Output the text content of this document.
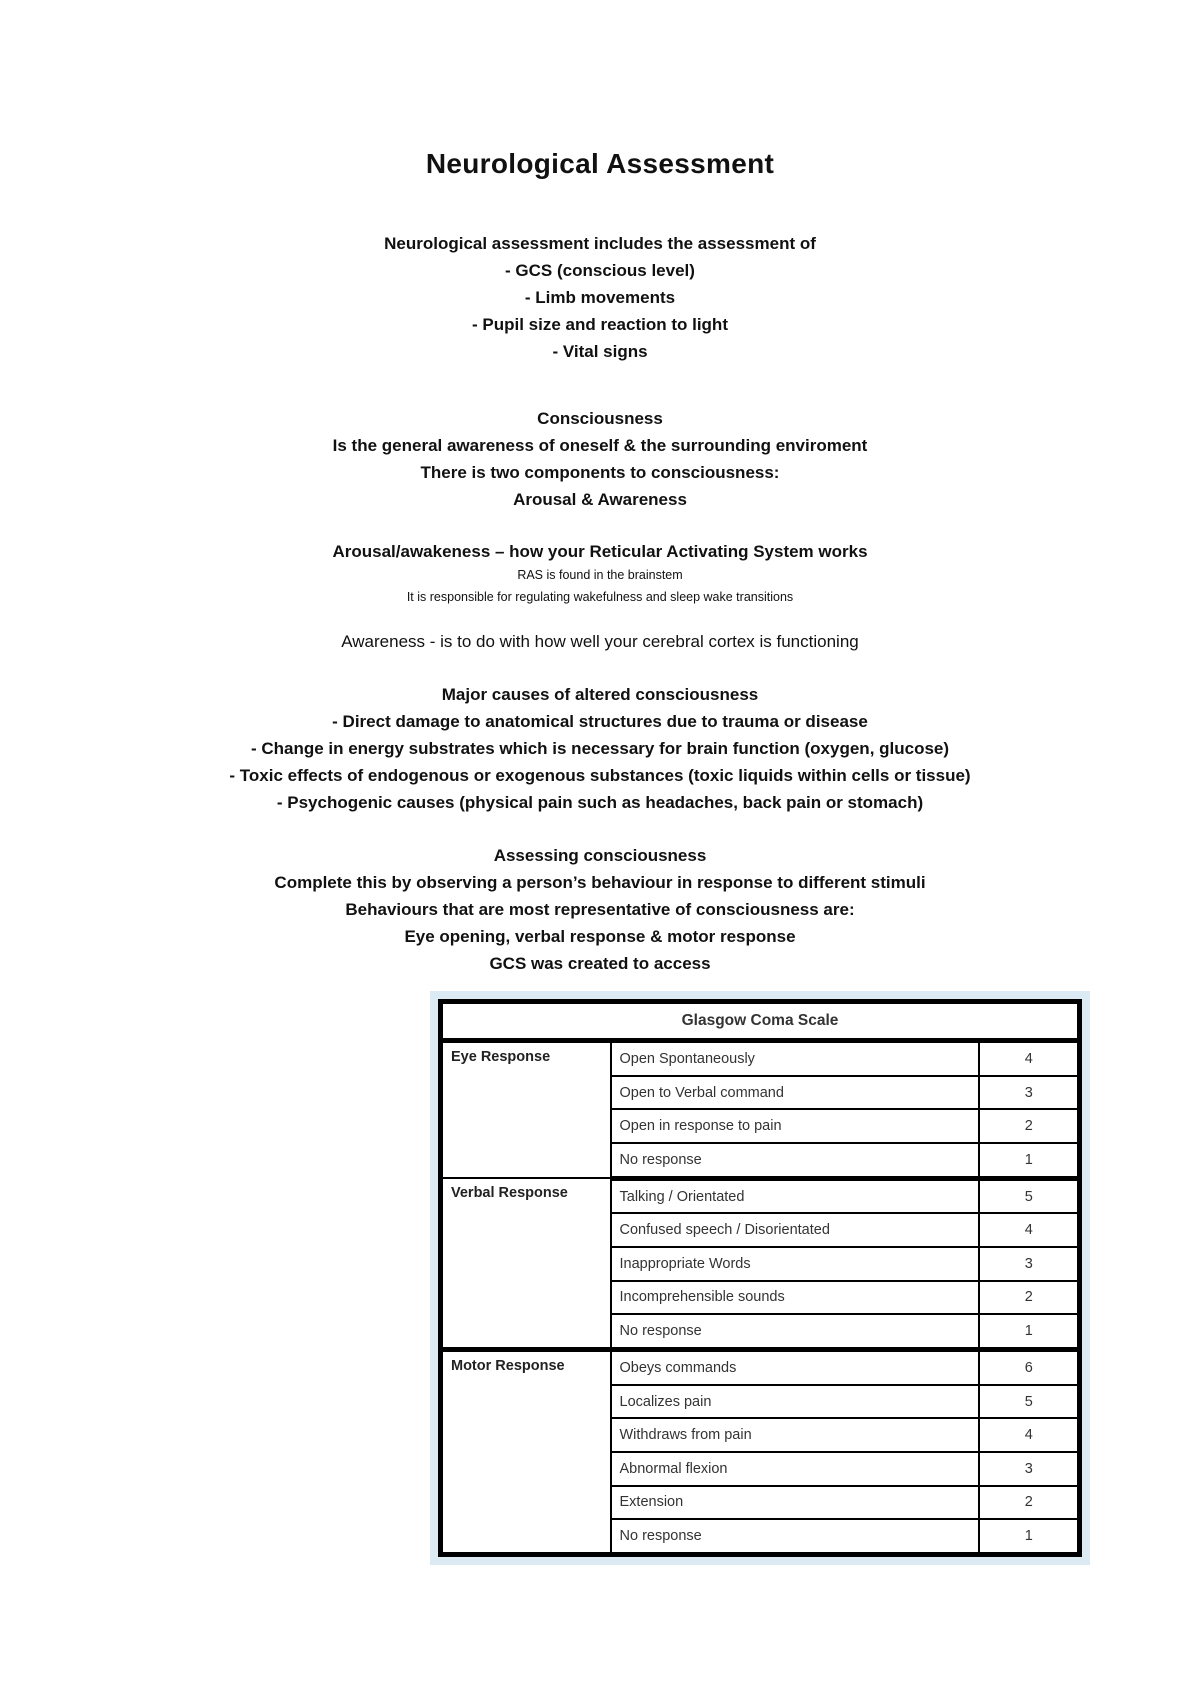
Neurological Assessment
Neurological assessment includes the assessment of
- GCS (conscious level)
- Limb movements
- Pupil size and reaction to light
- Vital signs
Consciousness
Is the general awareness of oneself & the surrounding enviroment
There is two components to consciousness:
Arousal & Awareness
Arousal/awakeness – how your Reticular Activating System works
RAS is found in the brainstem
It is responsible for regulating wakefulness and sleep wake transitions
Awareness - is to do with how well your cerebral cortex is functioning
Major causes of altered consciousness
- Direct damage to anatomical structures due to trauma or disease
- Change in energy substrates which is necessary for brain function (oxygen, glucose)
- Toxic effects of endogenous or exogenous substances (toxic liquids within cells or tissue)
- Psychogenic causes (physical pain such as headaches, back pain or stomach)
Assessing consciousness
Complete this by observing a person’s behaviour in response to different stimuli
Behaviours that are most representative of consciousness are:
Eye opening, verbal response & motor response
GCS was created to access
Glasgow Coma Scale		
Eye Response	Open Spontaneously	4
	Open to Verbal command	3
	Open in response to pain	2
	No response	1
Verbal Response	Talking / Orientated	5
	Confused speech / Disorientated	4
	Inappropriate Words	3
	Incomprehensible sounds	2
	No response	1
Motor Response	Obeys commands	6
	Localizes pain	5
	Withdraws from pain	4
	Abnormal flexion	3
	Extension	2
	No response	1
